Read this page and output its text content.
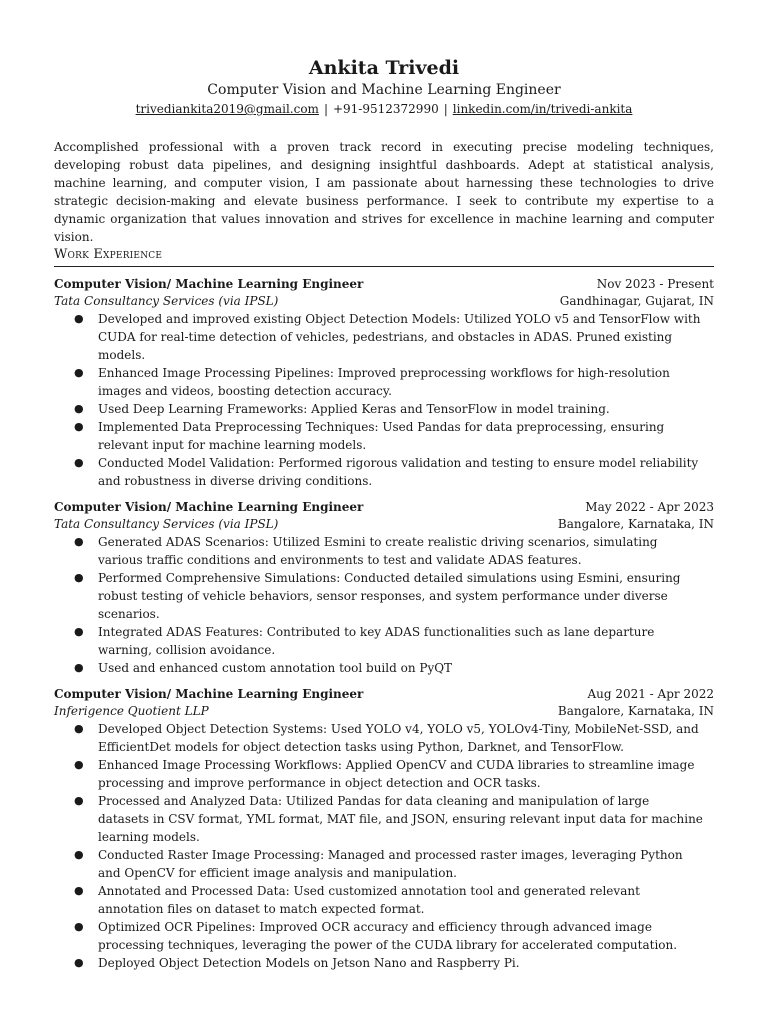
Ankita Trivedi
Computer Vision and Machine Learning Engineer
trivediankita2019@gmail.com | +91-9512372990 | linkedin.com/in/trivedi-ankita
Accomplished professional with a proven track record in executing precise modeling techniques, developing robust data pipelines, and designing insightful dashboards. Adept at statistical analysis, machine learning, and computer vision, I am passionate about harnessing these technologies to drive strategic decision-making and elevate business performance. I seek to contribute my expertise to a dynamic organization that values innovation and strives for excellence in machine learning and computer vision.
Work Experience
Computer Vision/ Machine Learning Engineer	Nov 2023 - Present
Tata Consultancy Services (via IPSL)	Gandhinagar, Gujarat, IN
● Developed and improved existing Object Detection Models: Utilized YOLO v5 and TensorFlow with CUDA for real-time detection of vehicles, pedestrians, and obstacles in ADAS. Pruned existing models.
● Enhanced Image Processing Pipelines: Improved preprocessing workflows for high-resolution images and videos, boosting detection accuracy.
● Used Deep Learning Frameworks: Applied Keras and TensorFlow in model training.
● Implemented Data Preprocessing Techniques: Used Pandas for data preprocessing, ensuring relevant input for machine learning models.
● Conducted Model Validation: Performed rigorous validation and testing to ensure model reliability and robustness in diverse driving conditions.
Computer Vision/ Machine Learning Engineer	May 2022 - Apr 2023
Tata Consultancy Services (via IPSL)	Bangalore, Karnataka, IN
● Generated ADAS Scenarios: Utilized Esmini to create realistic driving scenarios, simulating various traffic conditions and environments to test and validate ADAS features.
● Performed Comprehensive Simulations: Conducted detailed simulations using Esmini, ensuring robust testing of vehicle behaviors, sensor responses, and system performance under diverse scenarios.
● Integrated ADAS Features: Contributed to key ADAS functionalities such as lane departure warning, collision avoidance.
● Used and enhanced custom annotation tool build on PyQT
Computer Vision/ Machine Learning Engineer	Aug 2021 - Apr 2022
Inferigence Quotient LLP	Bangalore, Karnataka, IN
● Developed Object Detection Systems: Used YOLO v4, YOLO v5, YOLOv4-Tiny, MobileNet-SSD, and EfficientDet models for object detection tasks using Python, Darknet, and TensorFlow.
● Enhanced Image Processing Workflows: Applied OpenCV and CUDA libraries to streamline image processing and improve performance in object detection and OCR tasks.
● Processed and Analyzed Data: Utilized Pandas for data cleaning and manipulation of large datasets in CSV format, YML format, MAT file, and JSON, ensuring relevant input data for machine learning models.
● Conducted Raster Image Processing: Managed and processed raster images, leveraging Python and OpenCV for efficient image analysis and manipulation.
● Annotated and Processed Data: Used customized annotation tool and generated relevant annotation files on dataset to match expected format.
● Optimized OCR Pipelines: Improved OCR accuracy and efficiency through advanced image processing techniques, leveraging the power of the CUDA library for accelerated computation.
● Deployed Object Detection Models on Jetson Nano and Raspberry Pi.
